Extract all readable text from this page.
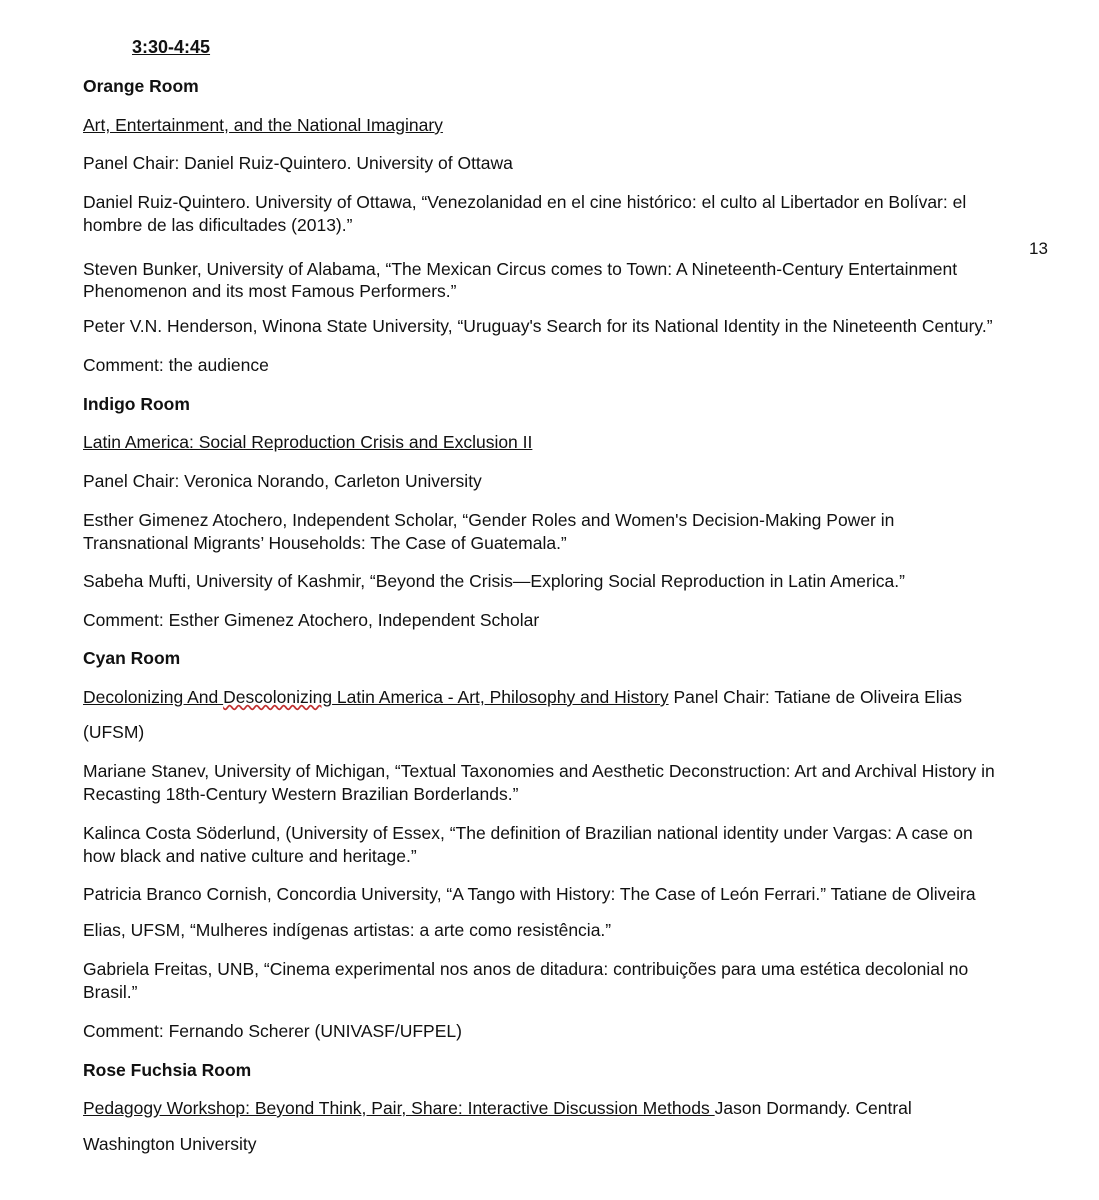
3:30-4:45
13
Orange Room
Art, Entertainment, and the National Imaginary
Panel Chair: Daniel Ruiz-Quintero. University of Ottawa
Daniel Ruiz-Quintero. University of Ottawa, “Venezolanidad en el cine histórico: el culto al Libertador en Bolívar: el
hombre de las dificultades (2013).”
Steven Bunker, University of Alabama, “The Mexican Circus comes to Town: A Nineteenth-Century Entertainment
Phenomenon and its most Famous Performers.”
Peter V.N. Henderson, Winona State University, “Uruguay's Search for its National Identity in the Nineteenth Century.”
Comment: the audience
Indigo Room
Latin America: Social Reproduction Crisis and Exclusion II
Panel Chair: Veronica Norando, Carleton University
Esther Gimenez Atochero, Independent Scholar, “Gender Roles and Women's Decision-Making Power in
Transnational Migrants’ Households: The Case of Guatemala.”
Sabeha Mufti, University of Kashmir, “Beyond the Crisis—Exploring Social Reproduction in Latin America.”
Comment: Esther Gimenez Atochero, Independent Scholar
Cyan Room
Decolonizing And Descolonizing Latin America - Art, Philosophy and History Panel Chair: Tatiane de Oliveira Elias
(UFSM)
Mariane Stanev, University of Michigan, “Textual Taxonomies and Aesthetic Deconstruction: Art and Archival History in
Recasting 18th-Century Western Brazilian Borderlands.”
Kalinca Costa Söderlund, (University of Essex, “The definition of Brazilian national identity under Vargas: A case on
how black and native culture and heritage.”
Patricia Branco Cornish, Concordia University, “A Tango with History: The Case of León Ferrari.” Tatiane de Oliveira
Elias, UFSM, “Mulheres indígenas artistas: a arte como resistência.”
Gabriela Freitas, UNB, “Cinema experimental nos anos de ditadura: contribuições para uma estética decolonial no
Brasil.”
Comment: Fernando Scherer (UNIVASF/UFPEL)
Rose Fuchsia Room
Pedagogy Workshop: Beyond Think, Pair, Share: Interactive Discussion Methods Jason Dormandy. Central
Washington University
